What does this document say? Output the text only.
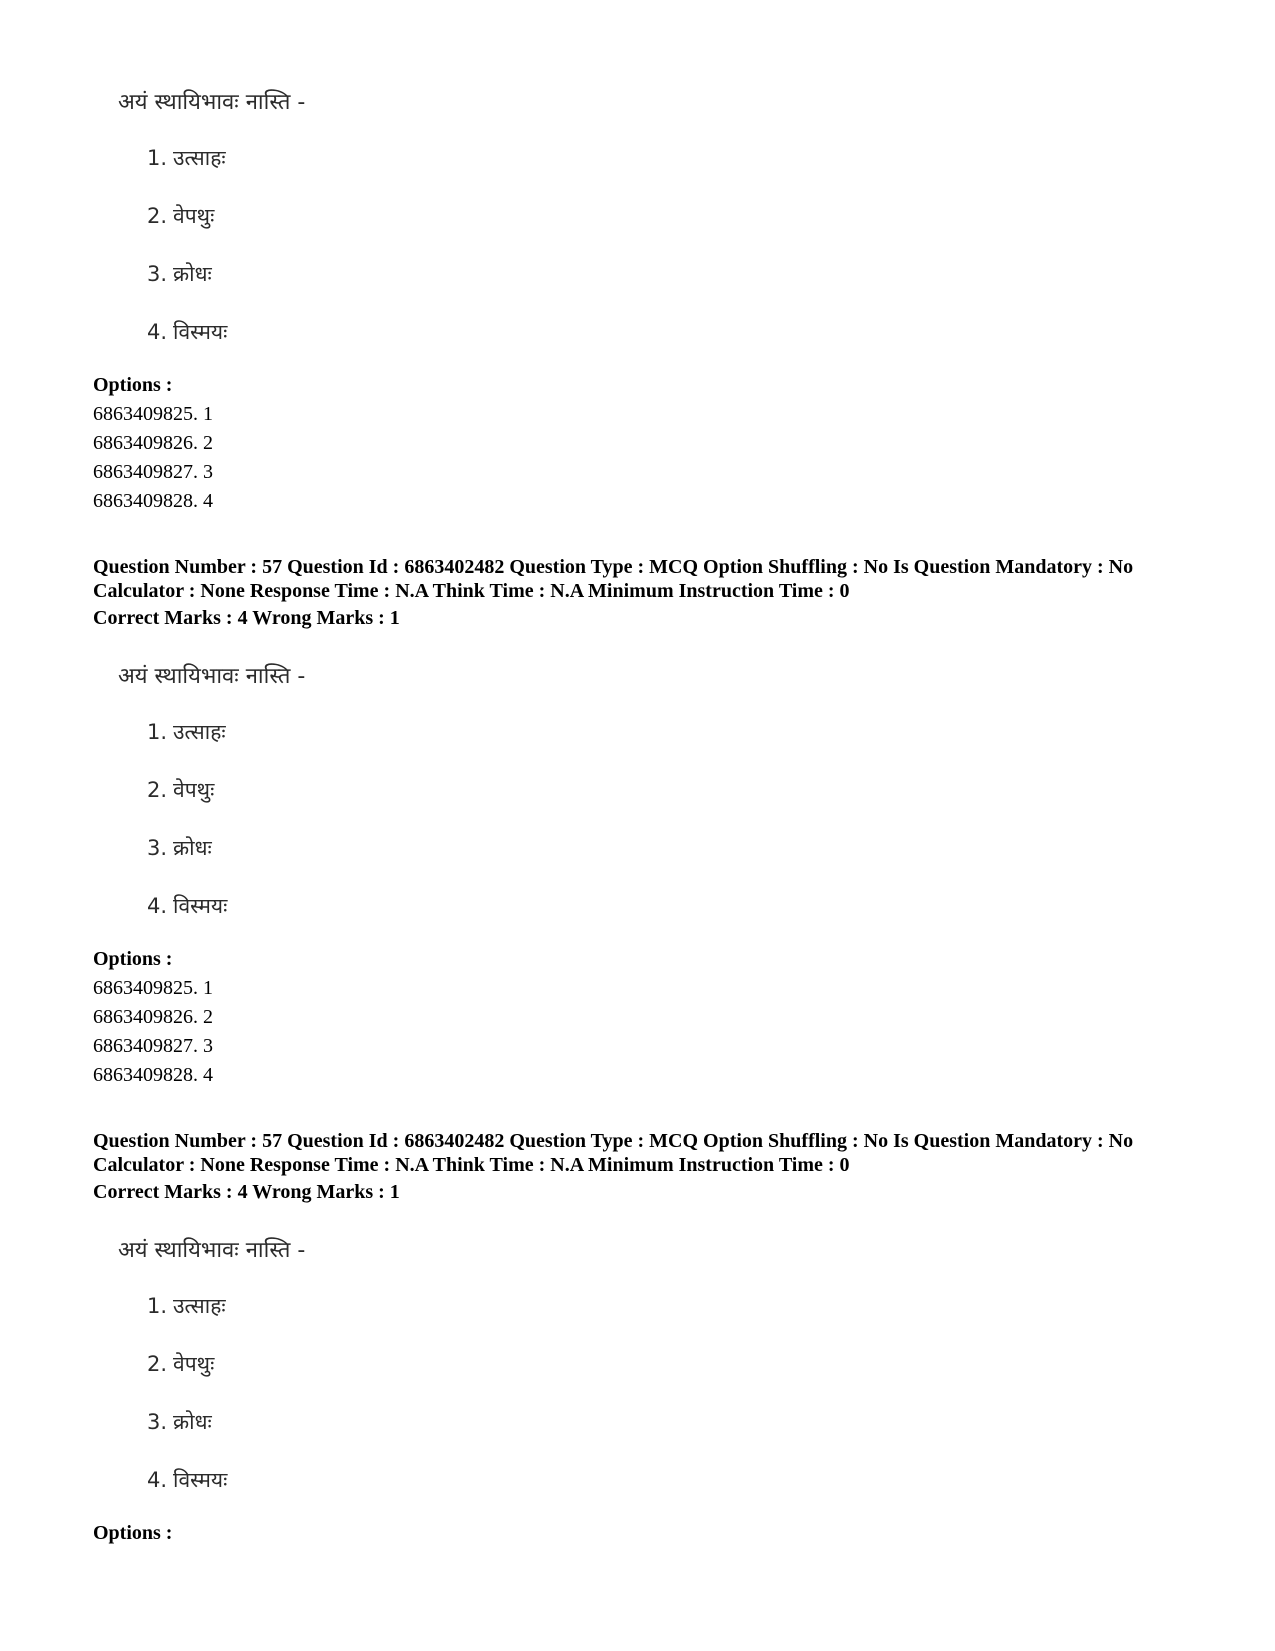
अयं स्थायिभावः नास्ति -
1. उत्साहः
2. वेपथुः
3. क्रोधः
4. विस्मयः
Options :
6863409825. 1
6863409826. 2
6863409827. 3
6863409828. 4
Question Number : 57 Question Id : 6863402482 Question Type : MCQ Option Shuffling : No Is Question Mandatory : No Calculator : None Response Time : N.A Think Time : N.A Minimum Instruction Time : 0
Correct Marks : 4 Wrong Marks : 1
अयं स्थायिभावः नास्ति -
1. उत्साहः
2. वेपथुः
3. क्रोधः
4. विस्मयः
Options :
6863409825. 1
6863409826. 2
6863409827. 3
6863409828. 4
Question Number : 57 Question Id : 6863402482 Question Type : MCQ Option Shuffling : No Is Question Mandatory : No Calculator : None Response Time : N.A Think Time : N.A Minimum Instruction Time : 0
Correct Marks : 4 Wrong Marks : 1
अयं स्थायिभावः नास्ति -
1. उत्साहः
2. वेपथुः
3. क्रोधः
4. विस्मयः
Options :
